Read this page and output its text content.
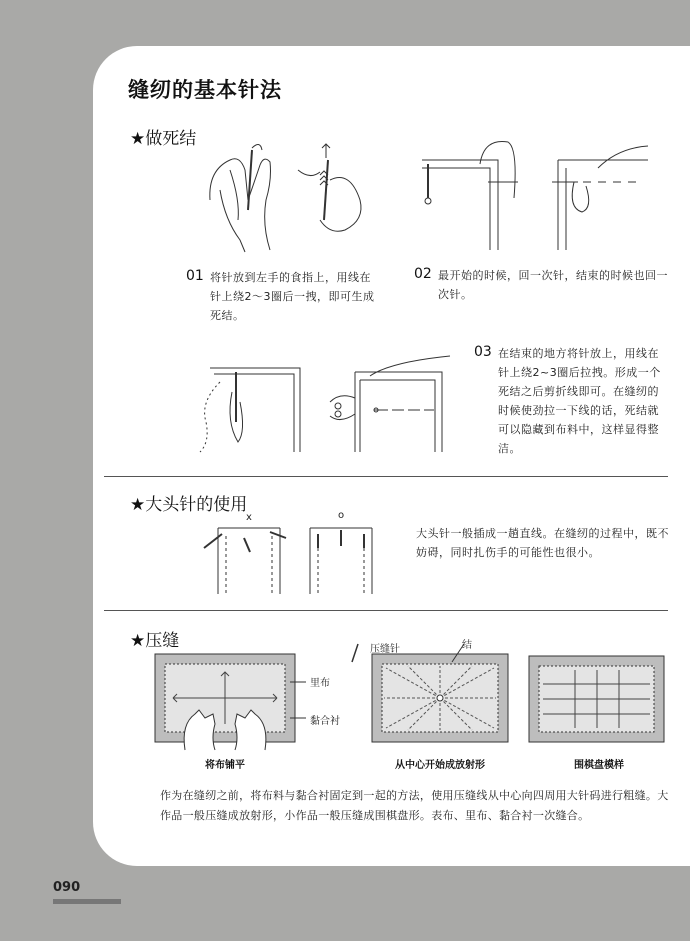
缝纫的基本针法
★做死结
01 将针放到左手的食指上，用线在针上绕2～3圈后一拽，即可生成死结。
02 最开始的时候，回一次针，结束的时候也回一次针。
03 在结束的地方将针放上，用线在针上绕2~3圈后拉拽。形成一个死结之后剪折线即可。在缝纫的时候使劲拉一下线的话，死结就可以隐藏到布料中，这样显得整洁。
★大头针的使用
x	o
大头针一般插成一趟直线。在缝纫的过程中，既不妨碍，同时扎伤手的可能性也很小。
★压缝
里布
黏合衬
将布铺平
压缝针	结
从中心开始成放射形	围棋盘模样
作为在缝纫之前，将布料与黏合衬固定到一起的方法，使用压缝线从中心向四周用大针码进行粗缝。大作品一般压缝成放射形，小作品一般压缝成围棋盘形。表布、里布、黏合衬一次缝合。
090
